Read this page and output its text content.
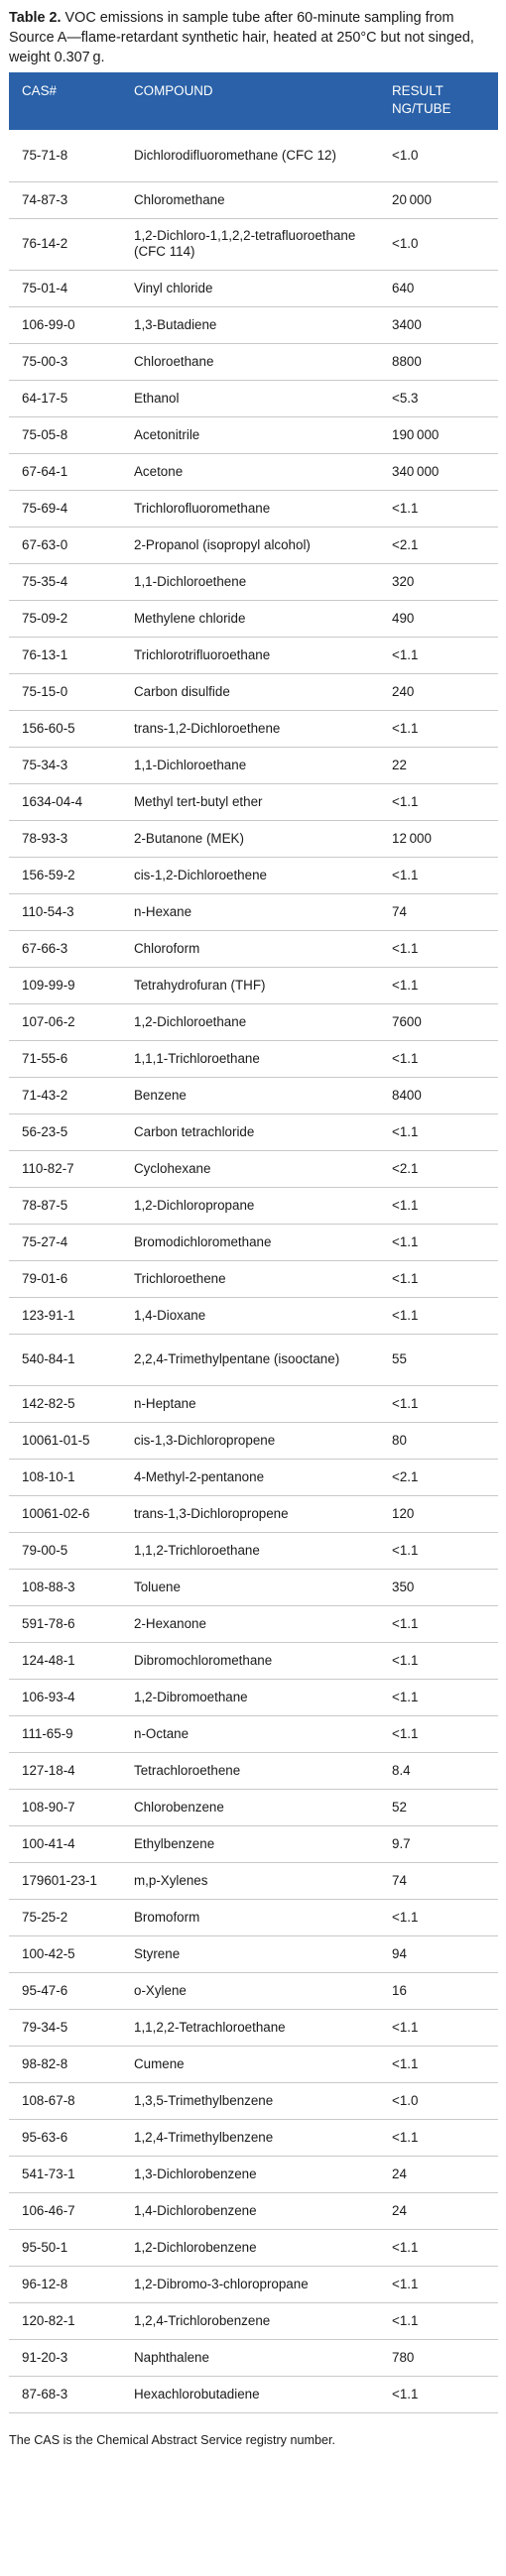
Table 2. VOC emissions in sample tube after 60-minute sampling from Source A—flame-retardant synthetic hair, heated at 250°C but not singed, weight 0.307 g.
CAS#	COMPOUND	RESULT NG/TUBE
75-71-8	Dichlorodifluoromethane (CFC 12)	<1.0
74-87-3	Chloromethane	20 000
76-14-2	1,2-Dichloro-1,1,2,2-tetrafluoroethane (CFC 114)	<1.0
75-01-4	Vinyl chloride	640
106-99-0	1,3-Butadiene	3400
75-00-3	Chloroethane	8800
64-17-5	Ethanol	<5.3
75-05-8	Acetonitrile	190 000
67-64-1	Acetone	340 000
75-69-4	Trichlorofluoromethane	<1.1
67-63-0	2-Propanol (isopropyl alcohol)	<2.1
75-35-4	1,1-Dichloroethene	320
75-09-2	Methylene chloride	490
76-13-1	Trichlorotrifluoroethane	<1.1
75-15-0	Carbon disulfide	240
156-60-5	trans-1,2-Dichloroethene	<1.1
75-34-3	1,1-Dichloroethane	22
1634-04-4	Methyl tert-butyl ether	<1.1
78-93-3	2-Butanone (MEK)	12 000
156-59-2	cis-1,2-Dichloroethene	<1.1
110-54-3	n-Hexane	74
67-66-3	Chloroform	<1.1
109-99-9	Tetrahydrofuran (THF)	<1.1
107-06-2	1,2-Dichloroethane	7600
71-55-6	1,1,1-Trichloroethane	<1.1
71-43-2	Benzene	8400
56-23-5	Carbon tetrachloride	<1.1
110-82-7	Cyclohexane	<2.1
78-87-5	1,2-Dichloropropane	<1.1
75-27-4	Bromodichloromethane	<1.1
79-01-6	Trichloroethene	<1.1
123-91-1	1,4-Dioxane	<1.1
540-84-1	2,2,4-Trimethylpentane (isooctane)	55
142-82-5	n-Heptane	<1.1
10061-01-5	cis-1,3-Dichloropropene	80
108-10-1	4-Methyl-2-pentanone	<2.1
10061-02-6	trans-1,3-Dichloropropene	120
79-00-5	1,1,2-Trichloroethane	<1.1
108-88-3	Toluene	350
591-78-6	2-Hexanone	<1.1
124-48-1	Dibromochloromethane	<1.1
106-93-4	1,2-Dibromoethane	<1.1
111-65-9	n-Octane	<1.1
127-18-4	Tetrachloroethene	8.4
108-90-7	Chlorobenzene	52
100-41-4	Ethylbenzene	9.7
179601-23-1	m,p-Xylenes	74
75-25-2	Bromoform	<1.1
100-42-5	Styrene	94
95-47-6	o-Xylene	16
79-34-5	1,1,2,2-Tetrachloroethane	<1.1
98-82-8	Cumene	<1.1
108-67-8	1,3,5-Trimethylbenzene	<1.0
95-63-6	1,2,4-Trimethylbenzene	<1.1
541-73-1	1,3-Dichlorobenzene	24
106-46-7	1,4-Dichlorobenzene	24
95-50-1	1,2-Dichlorobenzene	<1.1
96-12-8	1,2-Dibromo-3-chloropropane	<1.1
120-82-1	1,2,4-Trichlorobenzene	<1.1
91-20-3	Naphthalene	780
87-68-3	Hexachlorobutadiene	<1.1
The CAS is the Chemical Abstract Service registry number.
